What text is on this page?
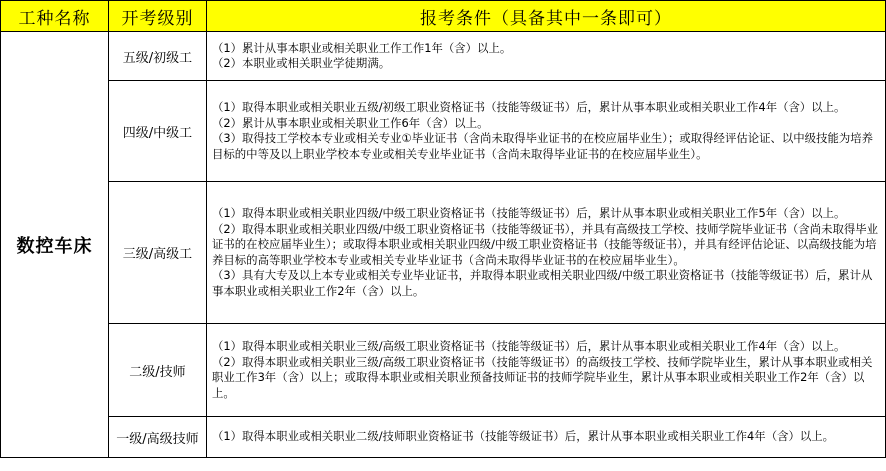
工种名称	开考级别	报考条件（具备其中一条即可）
数控车床	五级/初级工	（1）累计从事本职业或相关职业工作工作1年（含）以上。
（2）本职业或相关职业学徒期满。

	四级/中级工	（1）取得本职业或相关职业五级/初级工职业资格证书（技能等级证书）后，累计从事本职业或相关职业工作4年（含）以上。
（2）累计从事本职业或相关职业工作6年（含）以上。
（3）取得技工学校本专业或相关专业①毕业证书（含尚未取得毕业证书的在校应届毕业生）；或取得经评估论证、以中级技能为培养目标的中等及以上职业学校本专业或相关专业毕业证书（含尚未取得毕业证书的在校应届毕业生）。

	三级/高级工	（1）取得本职业或相关职业四级/中级工职业资格证书（技能等级证书）后，累计从事本职业或相关职业工作5年（含）以上。
（2）取得本职业或相关职业四级/中级工职业资格证书（技能等级证书），并具有高级技工学校、技师学院毕业证书（含尚未取得毕业证书的在校应届毕业生）；或取得本职业或相关职业四级/中级工职业资格证书（技能等级证书），并具有经评估论证、以高级技能为培养目标的高等职业学校本专业或相关专业毕业证书（含尚未取得毕业证书的在校应届毕业生）。
（3）具有大专及以上本专业或相关专业毕业证书，并取得本职业或相关职业四级/中级工职业资格证书（技能等级证书）后，累计从事本职业或相关职业工作2年（含）以上。

	二级/技师	（1）取得本职业或相关职业三级/高级工职业资格证书（技能等级证书）后，累计从事本职业或相关职业工作4年（含）以上。
（2）取得本职业或相关职业三级/高级工职业资格证书（技能等级证书）的高级技工学校、技师学院毕业生，累计从事本职业或相关职业工作3年（含）以上；或取得本职业或相关职业预备技师证书的技师学院毕业生，累计从事本职业或相关职业工作2年（含）以上。

	一级/高级技师	（1）取得本职业或相关职业二级/技师职业资格证书（技能等级证书）后，累计从事本职业或相关职业工作4年（含）以上。
